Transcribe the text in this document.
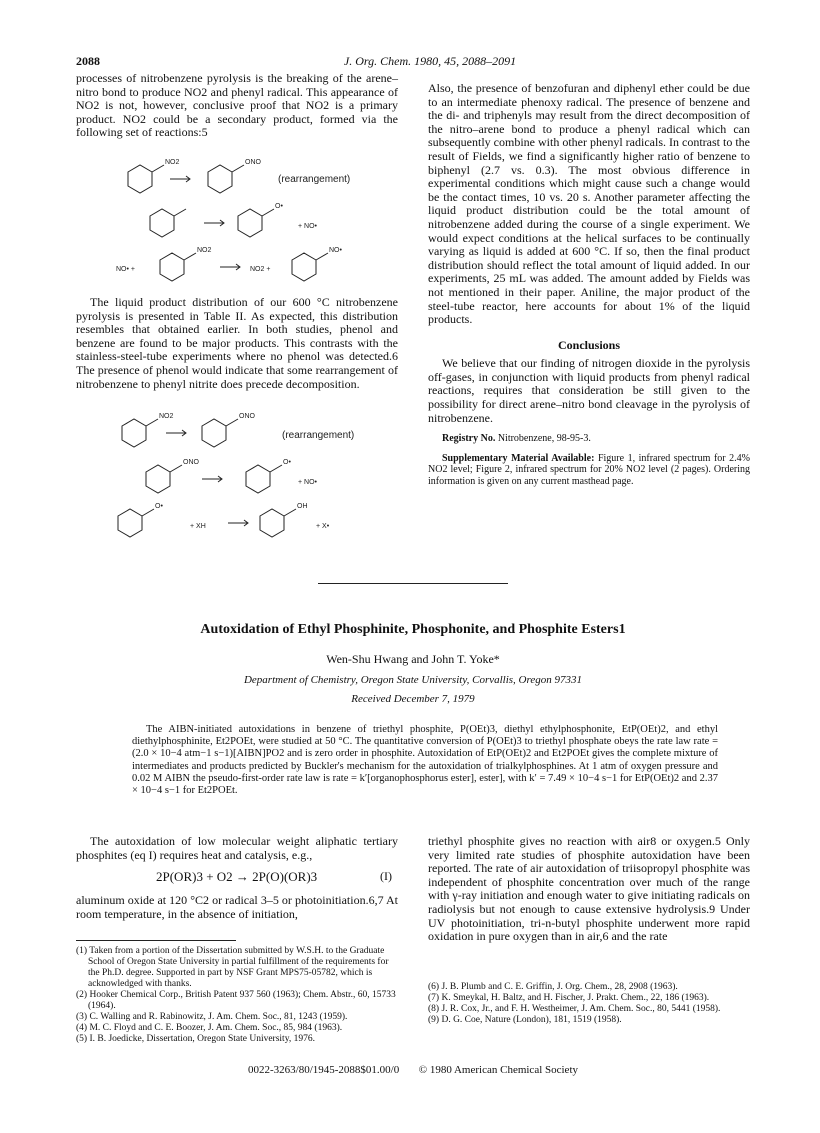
2088	J. Org. Chem. 1980, 45, 2088–2091

processes of nitrobenzene pyrolysis is the breaking of the arene–nitro bond to produce NO2 and phenyl radical. This appearance of NO2 is not, however, conclusive proof that NO2 is a primary product. NO2 could be a secondary product, formed via the following set of reactions:5

NO2	ONO
(rearrangement)
O•
+ NO•
NO• +
NO2
NO2 +
NO•

The liquid product distribution of our 600 °C nitrobenzene pyrolysis is presented in Table II. As expected, this distribution resembles that obtained earlier. In both studies, phenol and benzene are found to be major products. This contrasts with the stainless-steel-tube experiments where no phenol was detected.6 The presence of phenol would indicate that some rearrangement of nitrobenzene to phenyl nitrite does precede decomposition.

NO2	ONO
(rearrangement)
ONO	O•
+ NO•
O•
+ XH
OH
+ X•

Also, the presence of benzofuran and diphenyl ether could be due to an intermediate phenoxy radical. The presence of benzene and the di- and triphenyls may result from the direct decomposition of the nitro–arene bond to produce a phenyl radical which can subsequently combine with other phenyl radicals. In contrast to the result of Fields, we find a significantly higher ratio of benzene to biphenyl (2.7 vs. 0.3). The most obvious difference in experimental conditions which might cause such a change would be the contact times, 10 vs. 20 s. Another parameter affecting the liquid product distribution could be the total amount of nitrobenzene added during the course of a single experiment. We would expect conditions at the helical surfaces to be continually varying as liquid is added at 600 °C. If so, then the final product distribution should reflect the total amount of liquid added. In our experiments, 25 mL was added. The amount added by Fields was not mentioned in their paper. Aniline, the major product of the steel-tube reactor, here accounts for about 1% of the liquid products.

Conclusions

We believe that our finding of nitrogen dioxide in the pyrolysis off-gases, in conjunction with liquid products from phenyl radical reactions, requires that consideration be still given to the possibility for direct arene–nitro bond cleavage in the pyrolysis of nitrobenzene.

Registry No. Nitrobenzene, 98-95-3.

Supplementary Material Available: Figure 1, infrared spectrum for 2.4% NO2 level; Figure 2, infrared spectrum for 20% NO2 level (2 pages). Ordering information is given on any current masthead page.

Autoxidation of Ethyl Phosphinite, Phosphonite, and Phosphite Esters1
Wen-Shu Hwang and John T. Yoke*
Department of Chemistry, Oregon State University, Corvallis, Oregon 97331
Received December 7, 1979
The AIBN-initiated autoxidations in benzene of triethyl phosphite, P(OEt)3, diethyl ethylphosphonite, EtP(OEt)2, and ethyl diethylphosphinite, Et2POEt, were studied at 50 °C. The quantitative conversion of P(OEt)3 to triethyl phosphate obeys the rate law rate = (2.0 × 10−4 atm−1 s−1)[AIBN]PO2 and is zero order in phosphite. Autoxidation of EtP(OEt)2 and Et2POEt gives the complete mixture of intermediates and products predicted by Buckler's mechanism for the autoxidation of trialkylphosphines. At 1 atm of oxygen pressure and 0.02 M AIBN the pseudo-first-order rate law is rate = k′[organophosphorus ester], ester], with k′ = 7.49 × 10−4 s−1 for EtP(OEt)2 and 2.37 × 10−4 s−1 for Et2POEt.

The autoxidation of low molecular weight aliphatic tertiary phosphites (eq I) requires heat and catalysis, e.g.,

2P(OR)3 + O2 → 2P(O)(OR)3	(I)

aluminum oxide at 120 °C2 or radical 3–5 or photoinitiation.6,7 At room temperature, in the absence of initiation,

(1) Taken from a portion of the Dissertation submitted by W.S.H. to the Graduate School of Oregon State University in partial fulfillment of the requirements for the Ph.D. degree. Supported in part by NSF Grant MPS75-05782, which is acknowledged with thanks.

(2) Hooker Chemical Corp., British Patent 937 560 (1963); Chem. Abstr., 60, 15733 (1964).

(3) C. Walling and R. Rabinowitz, J. Am. Chem. Soc., 81, 1243 (1959).

(4) M. C. Floyd and C. E. Boozer, J. Am. Chem. Soc., 85, 984 (1963).

(5) I. B. Joedicke, Dissertation, Oregon State University, 1976.

triethyl phosphite gives no reaction with air8 or oxygen.5 Only very limited rate studies of phosphite autoxidation have been reported. The rate of air autoxidation of triisopropyl phosphite was independent of phosphite concentration over much of the range with γ-ray initiation and enough water to give initiating radicals on radiolysis but not enough to cause extensive hydrolysis.9 Under UV photoinitiation, tri-n-butyl phosphite underwent more rapid oxidation in pure oxygen than in air,6 and the rate

(6) J. B. Plumb and C. E. Griffin, J. Org. Chem., 28, 2908 (1963).

(7) K. Smeykal, H. Baltz, and H. Fischer, J. Prakt. Chem., 22, 186 (1963).

(8) J. R. Cox, Jr., and F. H. Westheimer, J. Am. Chem. Soc., 80, 5441 (1958).

(9) D. G. Coe, Nature (London), 181, 1519 (1958).

0022-3263/80/1945-2088$01.00/0 © 1980 American Chemical Society
